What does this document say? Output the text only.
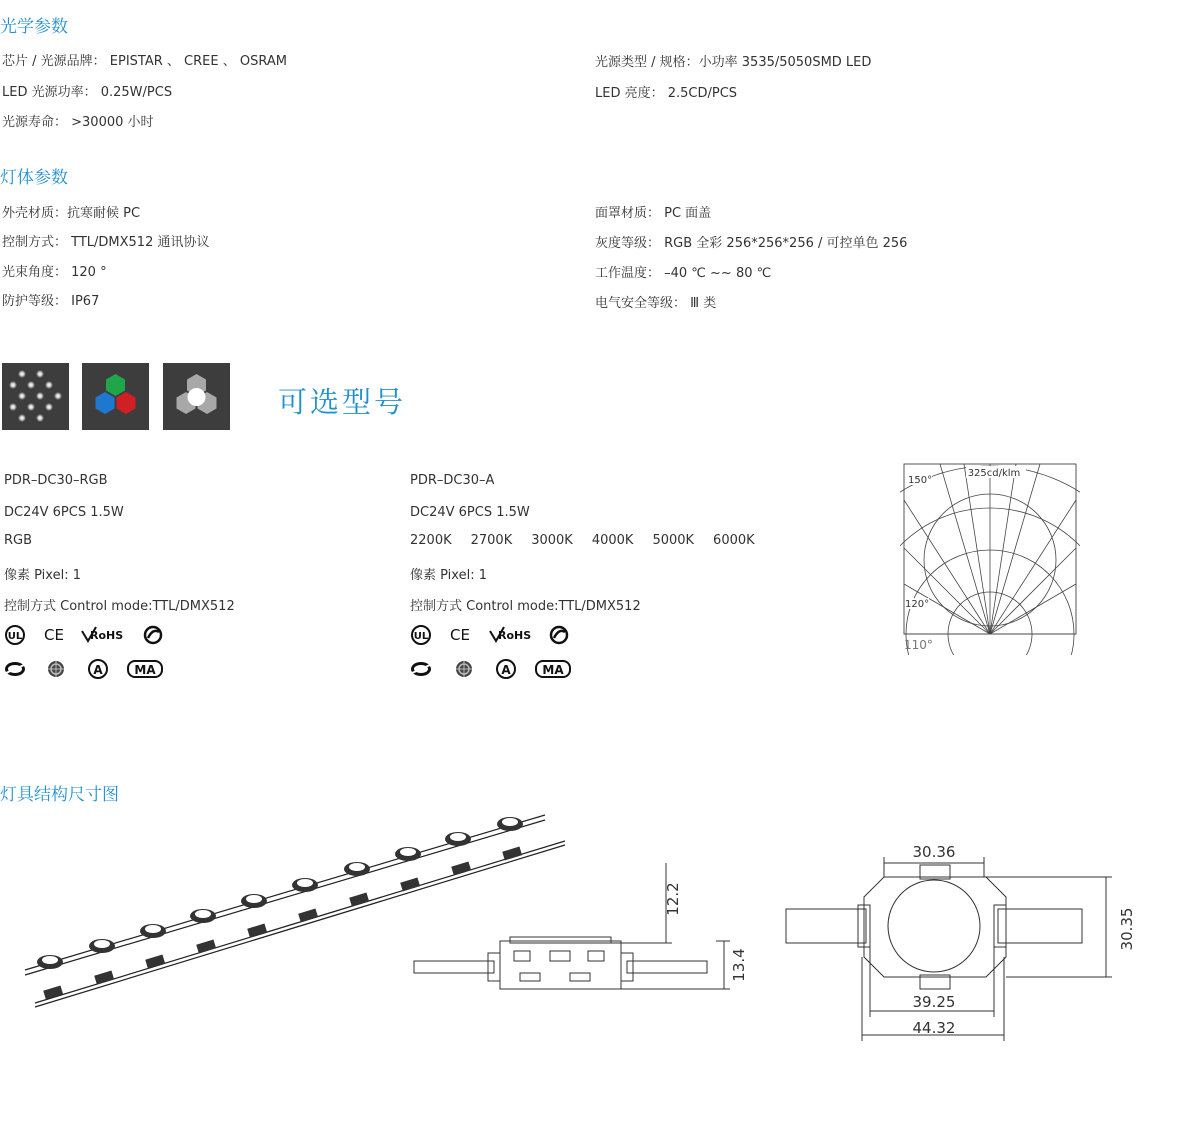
光学参数
芯片 / 光源品牌： EPISTAR 、 CREE 、 OSRAM
LED 光源功率： 0.25W/PCS
光源寿命： >30000 小时
光源类型 / 规格：小功率 3535/5050SMD LED
LED 亮度： 2.5CD/PCS
灯体参数
外壳材质：抗寒耐候 PC
控制方式： TTL/DMX512 通讯协议
光束角度： 120 °
防护等级： IP67
面罩材质： PC 面盖
灰度等级： RGB 全彩 256*256*256 / 可控单色 256
工作温度： –40 ℃ ~~ 80 ℃
电气安全等级： Ⅲ 类
可选型号
PDR–DC30–RGB
DC24V 6PCS 1.5W
RGB
像素 Pixel: 1
控制方式 Control mode:TTL/DMX512
PDR–DC30–A
DC24V 6PCS 1.5W
2200K 2700K 3000K 4000K 5000K 6000K
像素 Pixel: 1
控制方式 Control mode:TTL/DMX512
UL CE RoHS
A	MA
UL CE	RoHS
A	MA
325cd/klm
150°
120°
110°
灯具结构尺寸图
12.2
13.4
30.36
30.35
39.25
44.32
